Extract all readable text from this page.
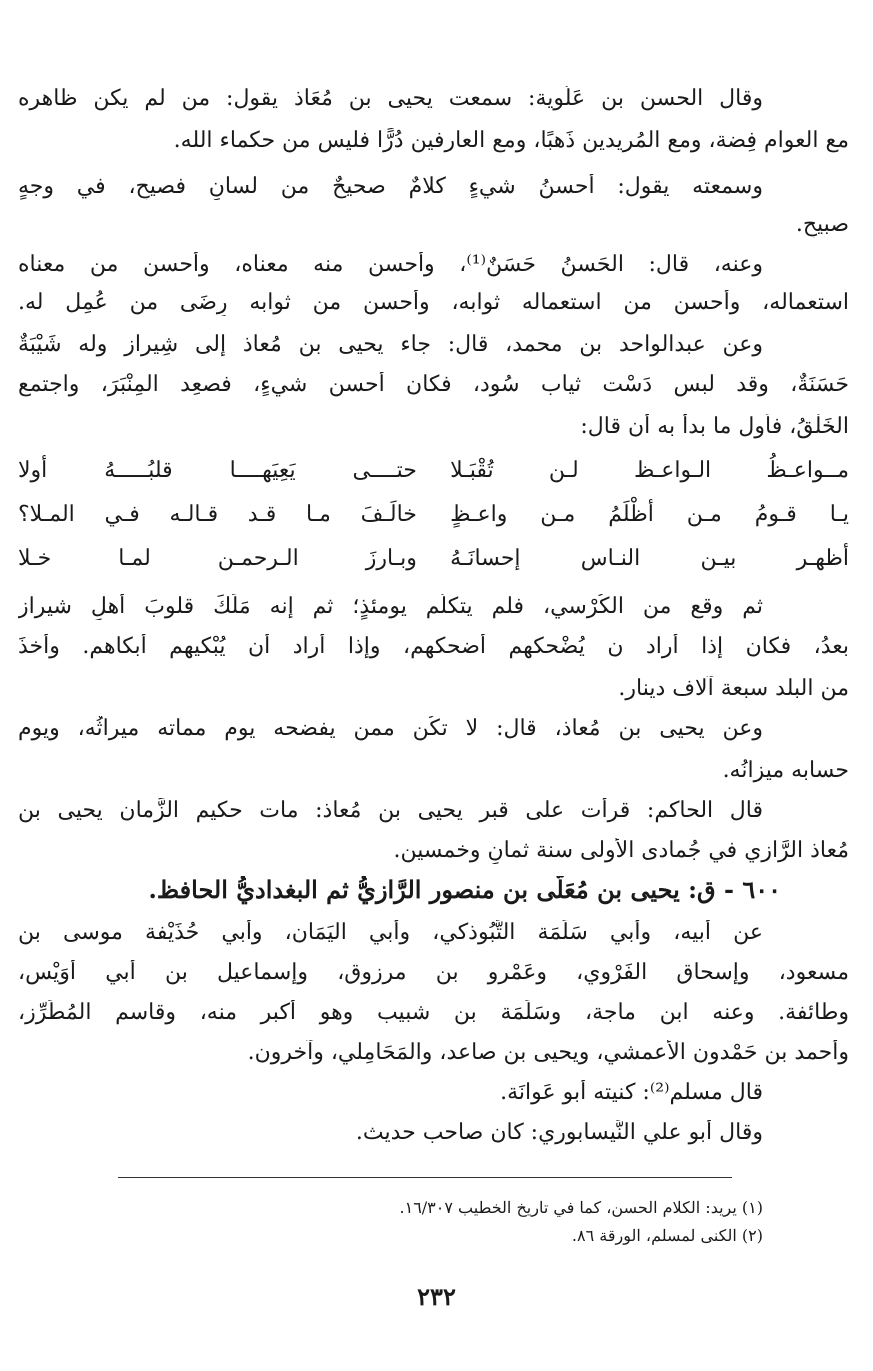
وقال الحسن بن عَلُّوية: سمعت يحيى بن مُعَاذ يقول: من لم يكن ظاهره
مع العوام فِضة، ومع المُريدين ذَهبًا، ومع العارفين دُرًّا فليس من حكماء الله.
وسمعته يقول: أحسنُ شيءٍ كلامٌ صحيحٌ من لسانٍ فصيحٍ، في وجهٍ
صبيحٍ.
وعنه، قال: الحَسنُ حَسَنٌ⁽¹⁾، وأحسن منه معناه، وأحسن من معناه
استعماله، وأحسن من استعماله ثوابه، وأحسن من ثوابه رِضَى من عُمِل له.
وعن عبدالواحد بن محمد، قال: جاء يحيى بن مُعاذ إلى شِيراز وله شَيْبَةٌ
حَسَنَةٌ، وقد لبس دَسْت ثياب سُود، فكان أحسن شيءٍ، فصعِد المِنْبَرَ، واجتمع
الخَلْقُ، فأول ما بدأ به أن قال:
مــواعـظُ الـواعـظ لـن تُقْبَـلا
حتــــى يَعِيَهــــا قلبُـــــهُ أولا
يـا قـومُ مـن أظْلَمُ مـن واعـظٍ
خالَـفَ مـا قـد قـالـه فـي المـلا؟
أظهـر بيـن النـاس إحسانَـهُ
وبـارزَ الـرحمـن لمـا خـلا
ثم وقع من الكُرْسي، فلم يتكلّم يومئذٍ؛ ثم إنه مَلَكَ قلوبَ أهلِ شيراز
بعدُ، فكان إذا أراد ن يُضْحكهم أضحكهم، وإذا أراد أن يُبْكيهم أبكاهم. وأخذَ
من البلد سبعة آلاف دينار.
وعن يحيى بن مُعاذ، قال: لا تكُن ممن يفضحه يوم مماته ميراثُه، ويوم
حسابه ميزانُه.
قال الحاكم: قرأت على قبر يحيى بن مُعاذ: مات حكيم الزَّمان يحيى بن
مُعاذ الرَّازي في جُمادى الأولى سنة ثمانٍ وخمسين.
٦٠٠ - ق: يحيى بن مُعَلَّى بن منصور الرَّازيُّ ثم البغداديُّ الحافظ.
عن أبيه، وأبي سَلَمَة التَّبُوذكي، وأبي اليَمَان، وأبي حُذَيْفة موسى بن
مسعود، وإسحاق الفَرْوي، وعَمْرو بن مرزوق، وإسماعيل بن أبي أُوَيْس،
وطائفة. وعنه ابن ماجة، وسَلَمَة بن شبيب وهو أكبر منه، وقاسم المُطَرِّز،
وأحمد بن حَمْدون الأعمشي، ويحيى بن صاعد، والمَحَامِلي، وآخرون.
قال مسلم⁽²⁾: كنيته أبو عَوانَة.
وقال أبو علي النَّيسابوري: كان صاحب حديث.
(١) يريد: الكلام الحسن، كما في تاريخ الخطيب ١٦/٣٠٧.
(٢) الكنى لمسلم، الورقة ٨٦.
٢٣٢
